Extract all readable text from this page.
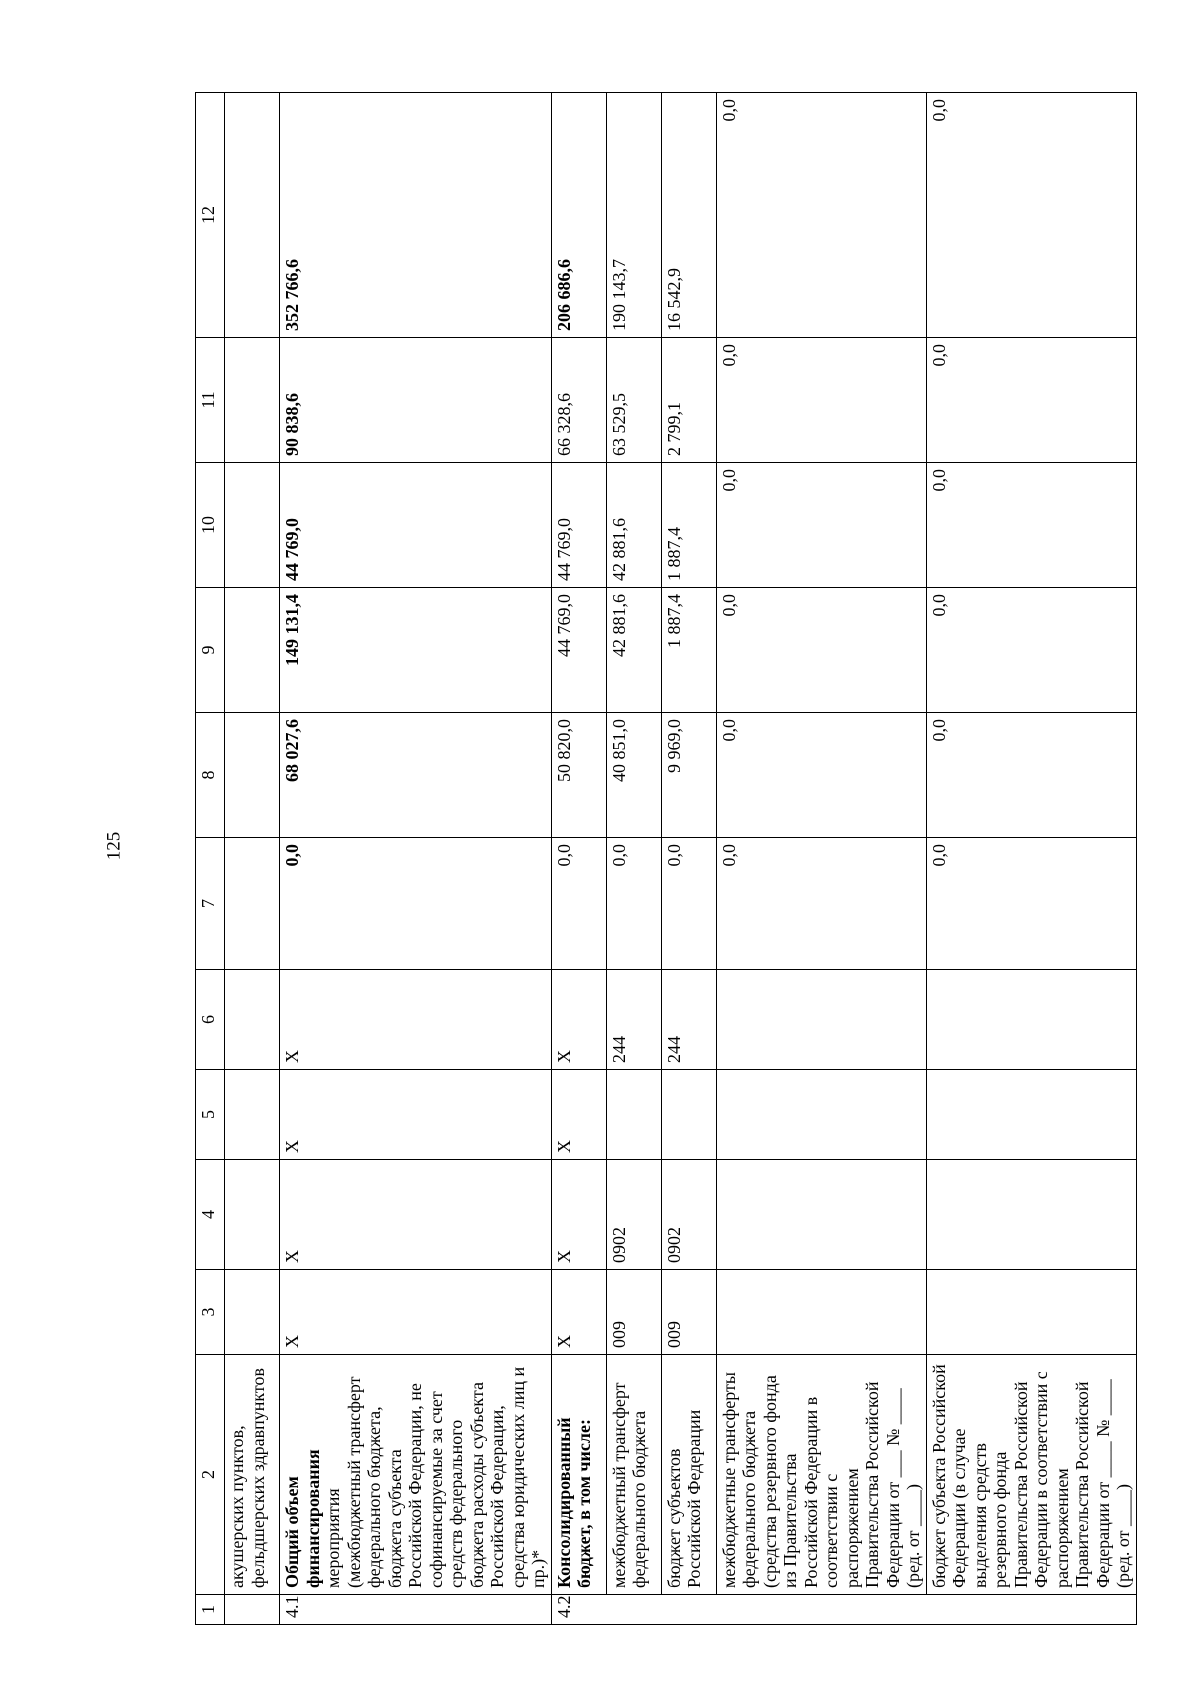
125
1	2	3	4	5	6	7	8	9	10	11	12
	акушерских пунктов, фельдшерских здравпунктов										
4.1	Общий объем финансирования мероприятия (межбюджетный трансферт федерального бюджета, бюджета субъекта Российской Федерации, не софинансируемые за счет средств федерального бюджета расходы субъекта Российской Федерации, средства юридических лиц и пр.)*	Х	Х	Х	Х	0,0	68 027,6	149 131,4	44 769,0	90 838,6	352 766,6
4.2	Консолидированный бюджет, в том числе:	Х	Х	Х	Х	0,0	50 820,0	44 769,0	44 769,0	66 328,6	206 686,6
	межбюджетный трансферт федерального бюджета	009	0902		244	0,0	40 851,0	42 881,6	42 881,6	63 529,5	190 143,7
	бюджет субъектов Российской Федерации	009	0902		244	0,0	9 969,0	1 887,4	1 887,4	2 799,1	16 542,9
	межбюджетные трансферты федерального бюджета (средства резервного фонда из Правительства Российской Федерации в соответствии с распоряжением Правительства Российской Федерации от ___ № ____ (ред. от ____)					0,0	0,0	0,0	0,0	0,0	0,0
	бюджет субъекта Российской Федерации (в случае выделения средств резервного фонда Правительства Российской Федерации в соответствии с распоряжением Правительства Российской Федерации от ____ № ____ (ред. от ____)					0,0	0,0	0,0	0,0	0,0	0,0
